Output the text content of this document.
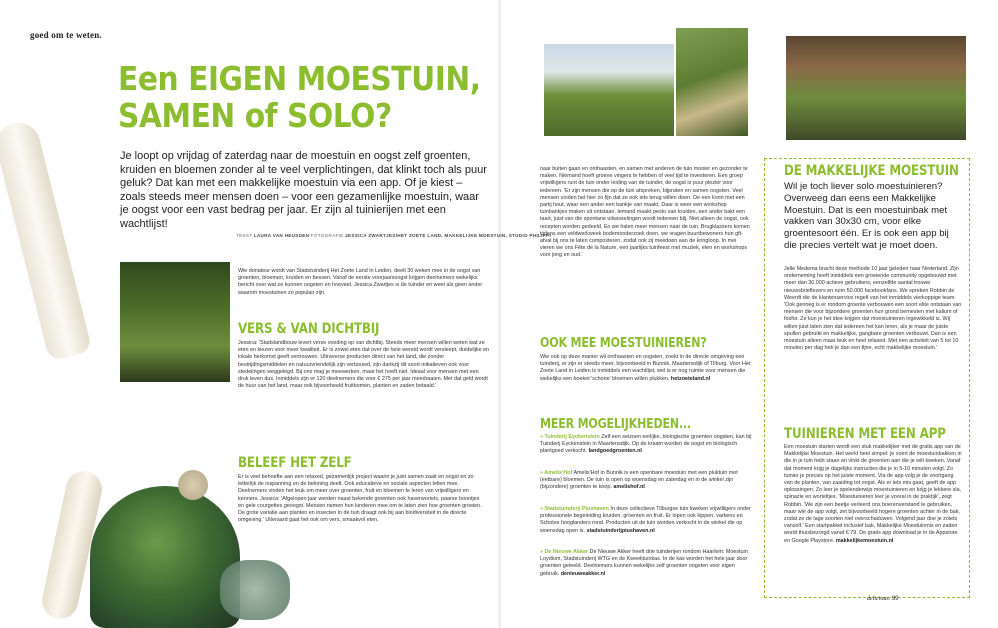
goed om te weten.
Een EIGEN MOESTUIN,
SAMEN of SOLO?
Je loopt op vrijdag of zaterdag naar de moestuin en oogst zelf groenten, kruiden en bloemen zonder al te veel verplichtingen, dat klinkt toch als puur geluk? Dat kan met een makkelijke moestuin via een app. Of je kiest – zoals steeds meer mensen doen – voor een gezamenlijke moestuin, waar je oogst voor een vast bedrag per jaar. Er zijn al tuinierijen met een wachtlijst!
TEKST LAURA VAN HEUSDEN FOTOGRAFIE JESSICA ZWARTJES/HET ZOETE LAND, MAKKELIJKE MOESTUIN, STUDIO PHILIPPI
Wie donateur wordt van Stadstuinderij Het Zoete Land in Leiden, deelt 30 weken mee in de oogst van groenten, bloemen, kruiden en bessen. Vanaf de eerste voorjaarsoogst krijgen deelnemers wekelijks bericht over wat ze kunnen oogsten en hoeveel. Jessica Zwartjes is de tuinder en weet als geen ander waarom moestuinen zo populair zijn.
VERS & VAN DICHTBIJ
Jessica: 'Stadslandbouw levert verse voeding op van dichtbij. Steeds meer mensen willen weten wat ze eten en kiezen voor meer kwaliteit. Er is zowel eten dat over de hele wereld wordt versleept, duidelijke en lokale herkomst geeft vertrouwen. Ultraverse producten direct van het land, die zonder bestrijdingsmiddelen en natuurvriendelijk zijn verbouwd, zijn dankzij dit soort initiatieven ook voor stedelingen weggelegd. Bij ons mag je meewerken, maar het hoeft niet. Ideaal voor mensen met een druk leven dus. Inmiddels zijn er 120 deelnemers die voor € 275 per jaar meedraaien. Met dat geld wordt de huur van het land, maar ook bijvoorbeeld fruitbomen, planten en zaden betaald.'
BELEEF HET ZELF
Er is veel behoefte aan een relaxed, gezamenlijk project waarin je juist samen zaait en oogst en zo letterlijk de inspanning en de beloning deelt. Ook educatieve en sociale aspecten tellen mee. Deelnemers vinden het leuk om meer over groenten, fruit en bloemen te leren van vrijwilligers en kenners. Jessica: 'Afgelopen jaar werden naast bekende groenten ook haverwortels, paarse boontjes en gele courgettes geoogst. Mensen nemen hun kinderen mee om te laten zien hoe groenten groeien. De grote variatie aan planten en insecten in de tuin draagt ook bij aan biodiversiteit in de directe omgeving.' Uiteraard gaat het ook om vers, smaakvol eten,
naar buiten gaan en onthaasten, en samen met anderen de tuin mooier en gezonder te maken. Niemand hoeft groene vingers te hebben of veel tijd te investeren. Een groep vrijwilligers runt de tuin onder leiding van de tuinder, de oogst is puur plezier voor iedereen. 'Er zijn mensen die op de tuin afspreken, bijpraten en samen oogsten. Veel mensen vinden het hier zo fijn dat ze ook iets terug willen doen. De een komt met een partij hout, waar een ander een bankje van maakt. Daar is weer een workshop tuinbankjes maken uit ontstaan. Iemand maakt pesto van kruiden, een ander bakt een taart, juist van die spontane uitwisselingen wordt iedereen blij. Niet alleen de oogst, ook recepten worden gedeeld. En we halen meer mensen naar de tuin. Brugklassers komen tijdens een veldwerkweek bodemonderzoek doen, we vragen buurtbewoners hun gft-afval bij ons te laten composteren, zodat ook zij meedoen aan de kringloop. In mei vieren we ons Fête de la Nature, een jaarlijks tuinfeest met muziek, eten en workshops voor jong en oud.'
OOK MEE MOESTUINIEREN?
Wie ook op deze manier wil onthaasten en oogsten, zoekt in de directe omgeving een tuinderij, er zijn er steeds meer, bijvoorbeeld in Bunnik, Maartensdijk of Tilburg. Voor Het Zoete Land in Leiden is inmiddels een wachtlijst, wel is er nog ruimte voor mensen die wekelijks een boeket 'schone' bloemen willen plukken. hetzoeteland.nl
MEER MOGELIJKHEDEN...
» Tuinderij Eyckenstein Zelf een seizoen eerlijke, biologische groenten oogsten, kan bij Tuinderij Eyckenstein in Maartensdijk. Op de kraam worden de oogst en biologisch plantgoed verkocht. landgoedgroenten.nl
» Amelis'Hof Amelis'Hof in Bunnik is een openbare moestuin met een pluktuin met (eetbare) bloemen. De tuin is open op woensdag en zaterdag en in de winkel zijn (bijzondere) groenten te koop. amelishof.nl
» Stadstuinderij Piushaven In deze collectieve Tilburgse tuin kweken vrijwilligers onder professionele begeleiding kruiden, groenten en fruit. Er lopen ook kippen, varkens en Schotse hooglanders rond. Producten uit de tuin worden verkocht in de winkel die op woensdag open is. stadstuinderijpiushaven.nl
» De Nieuwe Akker De Nieuwe Akker heeft drie tuinderijen rondom Haarlem: Moestuin Loydium, Stadstuinderij WTG en de Kweektuinkas. In de kas worden het hele jaar door groenten geteeld. Deelnemers kunnen wekelijks zelf groenten oogsten voor eigen gebruik. denieuweakker.nl
DE MAKKELIJKE MOESTUIN
Wil je toch liever solo moestuinieren? Overweeg dan eens een Makkelijke Moestuin. Dat is een moestuinbak met vakken van 30x30 cm, voor elke groentesoort één. Er is ook een app bij die precies vertelt wat je moet doen.
Jelle Medema bracht deze methode 10 jaar geleden naar Nederland. Zijn onderneming heeft inmiddels een groeiende community opgebouwd met meer dan 30.000 actieve gebruikers, eenzelfde aantal trouwe nieuwsbrieflezers en ruim 50.000 facebookfans. We spreken Robbin de Weerdt die de klantenservice regelt van het inmiddels vierkoppige team. 'Ook genoeg is er rondom groente verbouwen een soort elite ontstaan van mensen die voor bijzondere groenten hun grond bemesten met kalium of fosfor. Ze kun je het idee krijgen dat moestuinieren ingewikkeld is. Wij willen juist laten zien dat iedereen het kan leren, als je maar de juiste spullen gebruikt en makkelijke, gangbare groenten verbouwt. Dan is een moestuin alleen maar leuk en heel relaxed. Met een activiteit van 5 tot 10 minuten per dag heb je dan een fijne, echt makkelijke moestuin.'
TUINIEREN MET EEN APP
Een moestuin starten wordt een stuk makkelijker met de gratis app van de Makkelijke Moestuin. Het werkt heel simpel: je voert de moestuinbakken in die in je tuin hebt staan en vinkt de groenten aan die je wilt kweken. Vanaf dat moment krijg je dagelijks instructies die je in 5-10 minuten volgt. Zo tuinier je precies op het juiste moment. Via de app volg je de voortgang van de planten, van zaaiding tot oogst. Als er iets mis gaat, geeft de app oplossingen. Zo leer je spelenderwijs moestuinieren en krijg je lekkere sla, spinazie en worteltjes. 'Moestuinieren leer je vooral in de praktijk', zegt Robbin. 'We zijn een beetje verleerd ons boerenverstand te gebruiken, maar wie de app volgt, zet bijvoorbeeld hogere groenten achter in de bak, zodat ze de lage soorten niet overschaduwen. Volgend jaar doe je zoiets vanzelf.' Een startpakket inclusief bak, Makkelijke Moestuinmix en zaden wordt thuisbezorgd vanaf € 79. De gratis app download je in de Appstore en Google Playstore. makkelijkemoestuin.nl
delicious. 99
